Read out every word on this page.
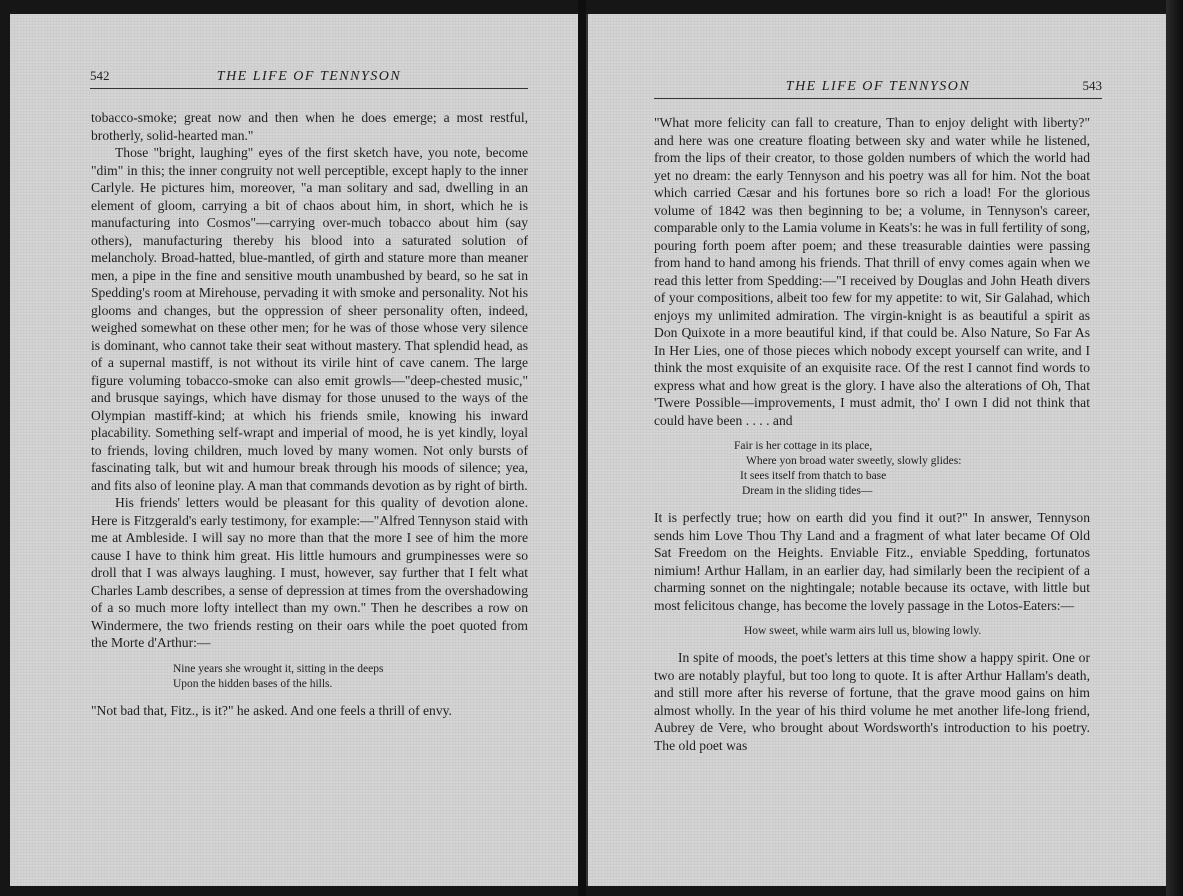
542	THE LIFE OF TENNYSON

tobacco-smoke; great now and then when he does emerge; a most restful, brotherly, solid-hearted man."

Those "bright, laughing" eyes of the first sketch have, you note, become "dim" in this; the inner congruity not well perceptible, except haply to the inner Carlyle. He pictures him, moreover, "a man solitary and sad, dwelling in an element of gloom, carrying a bit of chaos about him, in short, which he is manufacturing into Cosmos"—carrying over-much tobacco about him (say others), manufacturing thereby his blood into a saturated solution of melancholy. Broad-hatted, blue-mantled, of girth and stature more than meaner men, a pipe in the fine and sensitive mouth unambushed by beard, so he sat in Spedding's room at Mirehouse, pervading it with smoke and personality. Not his glooms and changes, but the oppression of sheer personality often, indeed, weighed somewhat on these other men; for he was of those whose very silence is dominant, who cannot take their seat without mastery. That splendid head, as of a supernal mastiff, is not without its virile hint of cave canem. The large figure voluming tobacco-smoke can also emit growls—"deep-chested music," and brusque sayings, which have dismay for those unused to the ways of the Olympian mastiff-kind; at which his friends smile, knowing his inward placability. Something self-wrapt and imperial of mood, he is yet kindly, loyal to friends, loving children, much loved by many women. Not only bursts of fascinating talk, but wit and humour break through his moods of silence; yea, and fits also of leonine play. A man that commands devotion as by right of birth.

His friends' letters would be pleasant for this quality of devotion alone. Here is Fitzgerald's early testimony, for example:—"Alfred Tennyson staid with me at Ambleside. I will say no more than that the more I see of him the more cause I have to think him great. His little humours and grumpinesses were so droll that I was always laughing. I must, however, say further that I felt what Charles Lamb describes, a sense of depression at times from the overshadowing of a so much more lofty intellect than my own." Then he describes a row on Windermere, the two friends resting on their oars while the poet quoted from the Morte d'Arthur:—

Nine years she wrought it, sitting in the deeps
Upon the hidden bases of the hills.

"Not bad that, Fitz., is it?" he asked. And one feels a thrill of envy.

THE LIFE OF TENNYSON	543

"What more felicity can fall to creature, Than to enjoy delight with liberty?" and here was one creature floating between sky and water while he listened, from the lips of their creator, to those golden numbers of which the world had yet no dream: the early Tennyson and his poetry was all for him. Not the boat which carried Cæsar and his fortunes bore so rich a load! For the glorious volume of 1842 was then beginning to be; a volume, in Tennyson's career, comparable only to the Lamia volume in Keats's: he was in full fertility of song, pouring forth poem after poem; and these treasurable dainties were passing from hand to hand among his friends. That thrill of envy comes again when we read this letter from Spedding:—"I received by Douglas and John Heath divers of your compositions, albeit too few for my appetite: to wit, Sir Galahad, which enjoys my unlimited admiration. The virgin-knight is as beautiful a spirit as Don Quixote in a more beautiful kind, if that could be. Also Nature, So Far As In Her Lies, one of those pieces which nobody except yourself can write, and I think the most exquisite of an exquisite race. Of the rest I cannot find words to express what and how great is the glory. I have also the alterations of Oh, That 'Twere Possible—improvements, I must admit, tho' I own I did not think that could have been . . . . and

Fair is her cottage in its place,
Where yon broad water sweetly, slowly glides:
It sees itself from thatch to base
Dream in the sliding tides—

It is perfectly true; how on earth did you find it out?" In answer, Tennyson sends him Love Thou Thy Land and a fragment of what later became Of Old Sat Freedom on the Heights. Enviable Fitz., enviable Spedding, fortunatos nimium! Arthur Hallam, in an earlier day, had similarly been the recipient of a charming sonnet on the nightingale; notable because its octave, with little but most felicitous change, has become the lovely passage in the Lotos-Eaters:—

How sweet, while warm airs lull us, blowing lowly.

In spite of moods, the poet's letters at this time show a happy spirit. One or two are notably playful, but too long to quote. It is after Arthur Hallam's death, and still more after his reverse of fortune, that the grave mood gains on him almost wholly. In the year of his third volume he met another life-long friend, Aubrey de Vere, who brought about Wordsworth's introduction to his poetry. The old poet was
